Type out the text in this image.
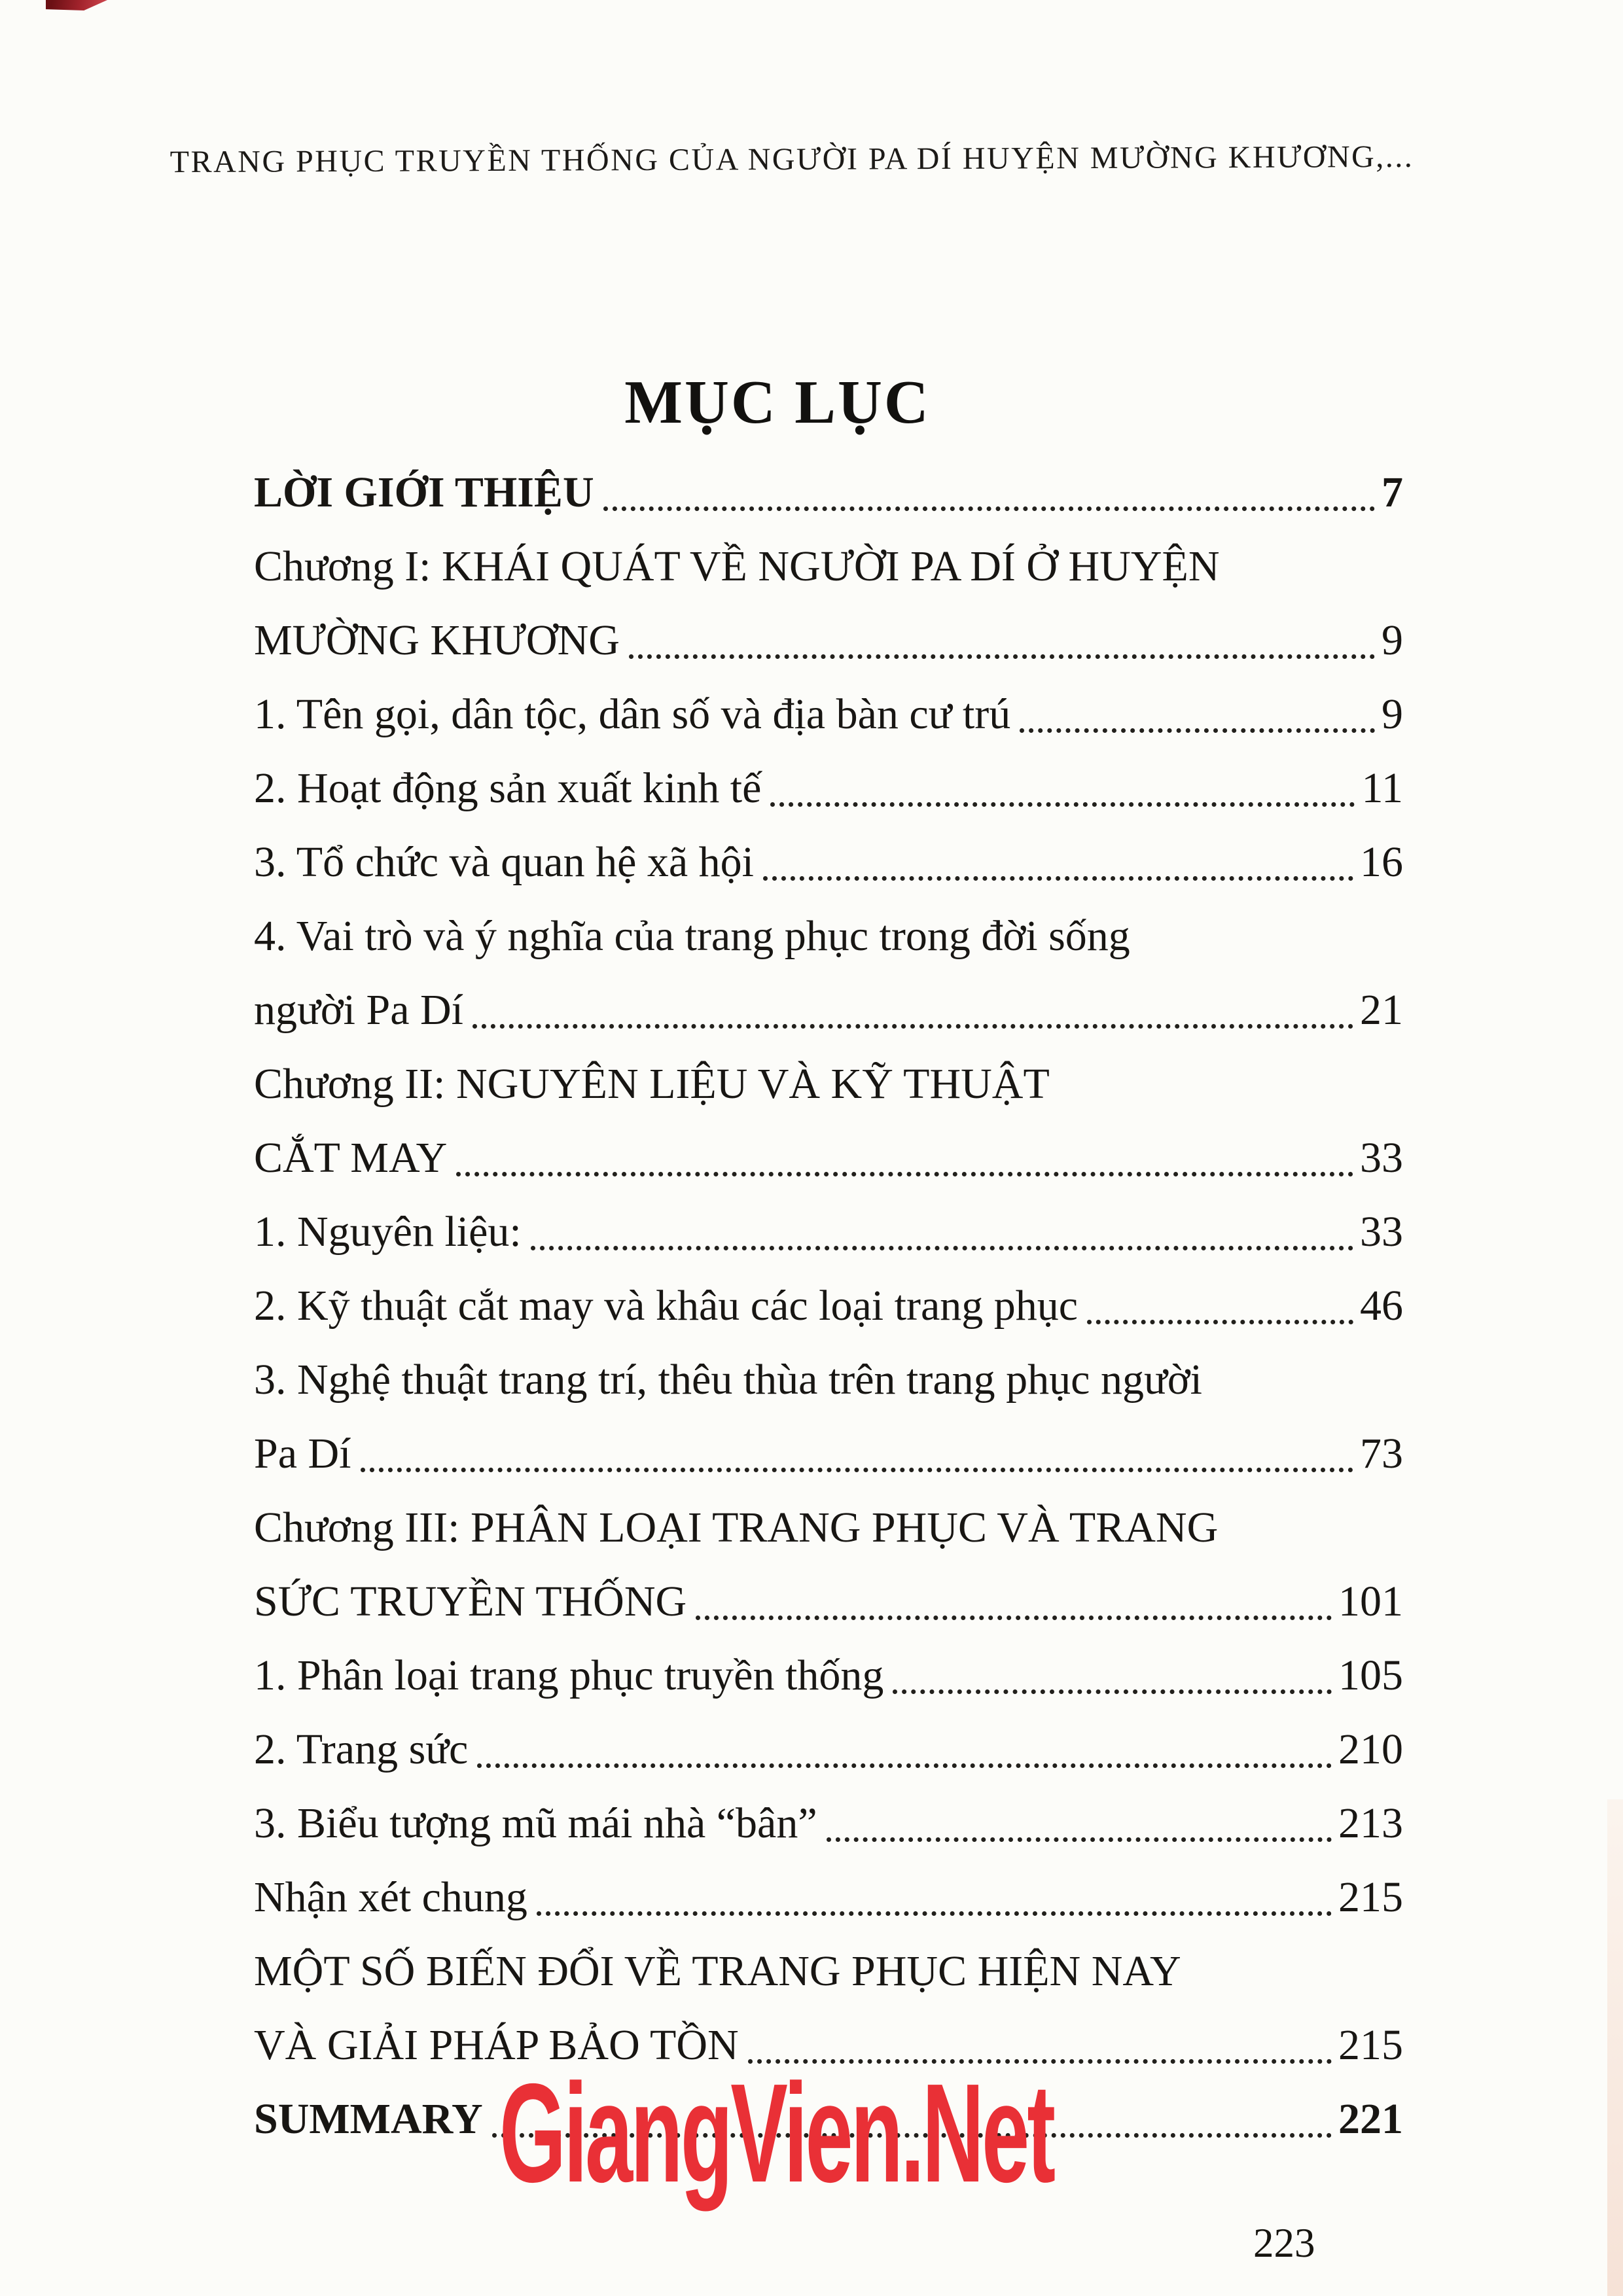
TRANG PHỤC TRUYỀN THỐNG CỦA NGƯỜI PA DÍ HUYỆN MƯỜNG KHƯƠNG,...
MỤC LỤC
LỜI GIỚI THIỆU	7
Chương I: KHÁI QUÁT VỀ NGƯỜI PA DÍ Ở HUYỆN
MƯỜNG KHƯƠNG	9
1. Tên gọi, dân tộc, dân số và địa bàn cư trú	9
2. Hoạt động sản xuất kinh tế	11
3. Tổ chức và quan hệ xã hội	16
4. Vai trò và ý nghĩa của trang phục trong đời sống
người Pa Dí	21
Chương II: NGUYÊN LIỆU VÀ KỸ THUẬT
CẮT MAY	33
1. Nguyên liệu:	33
2. Kỹ thuật cắt may và khâu các loại trang phục	46
3. Nghệ thuật trang trí, thêu thùa trên trang phục người
Pa Dí	73
Chương III: PHÂN LOẠI TRANG PHỤC VÀ TRANG
SỨC TRUYỀN THỐNG	101
1. Phân loại trang phục truyền thống	105
2. Trang sức	210
3. Biểu tượng mũ mái nhà “bân”	213
Nhận xét chung	215
MỘT SỐ BIẾN ĐỔI VỀ TRANG PHỤC HIỆN NAY
VÀ GIẢI PHÁP BẢO TỒN	215
SUMMARY	221
GiangVien.Net
223
